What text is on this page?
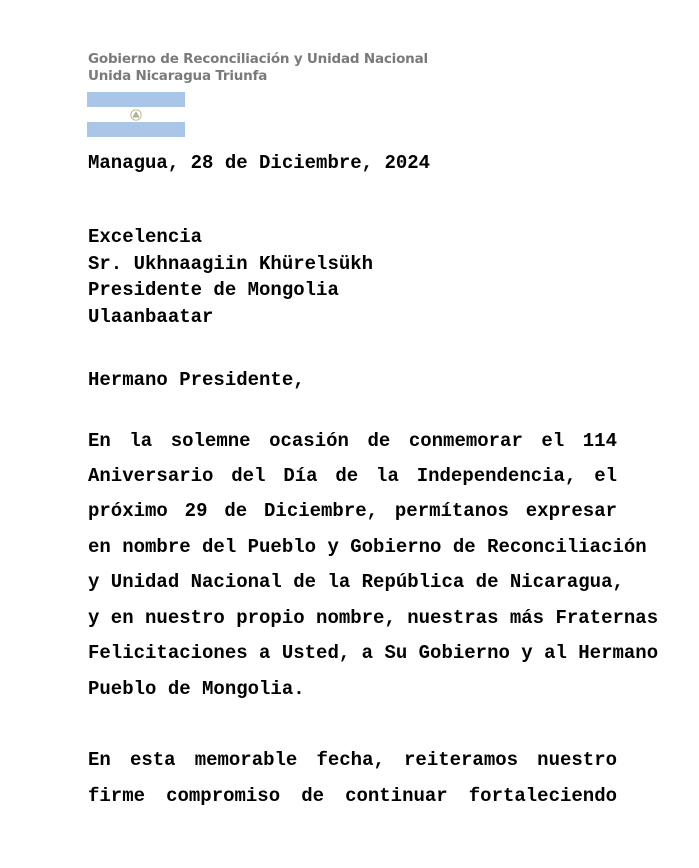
Gobierno de Reconciliación y Unidad Nacional
Unida Nicaragua Triunfa
Managua, 28 de Diciembre, 2024
Excelencia
Sr. Ukhnaagiin Khürelsükh
Presidente de Mongolia
Ulaanbaatar
Hermano Presidente,
En la solemne ocasión de conmemorar el 114
Aniversario del Día de la Independencia, el
próximo 29 de Diciembre, permítanos expresar
en nombre del Pueblo y Gobierno de Reconciliación
y Unidad Nacional de la República de Nicaragua,
y en nuestro propio nombre, nuestras más Fraternas
Felicitaciones a Usted, a Su Gobierno y al Hermano
Pueblo de Mongolia.
En esta memorable fecha, reiteramos nuestro
firme compromiso de continuar fortaleciendo
